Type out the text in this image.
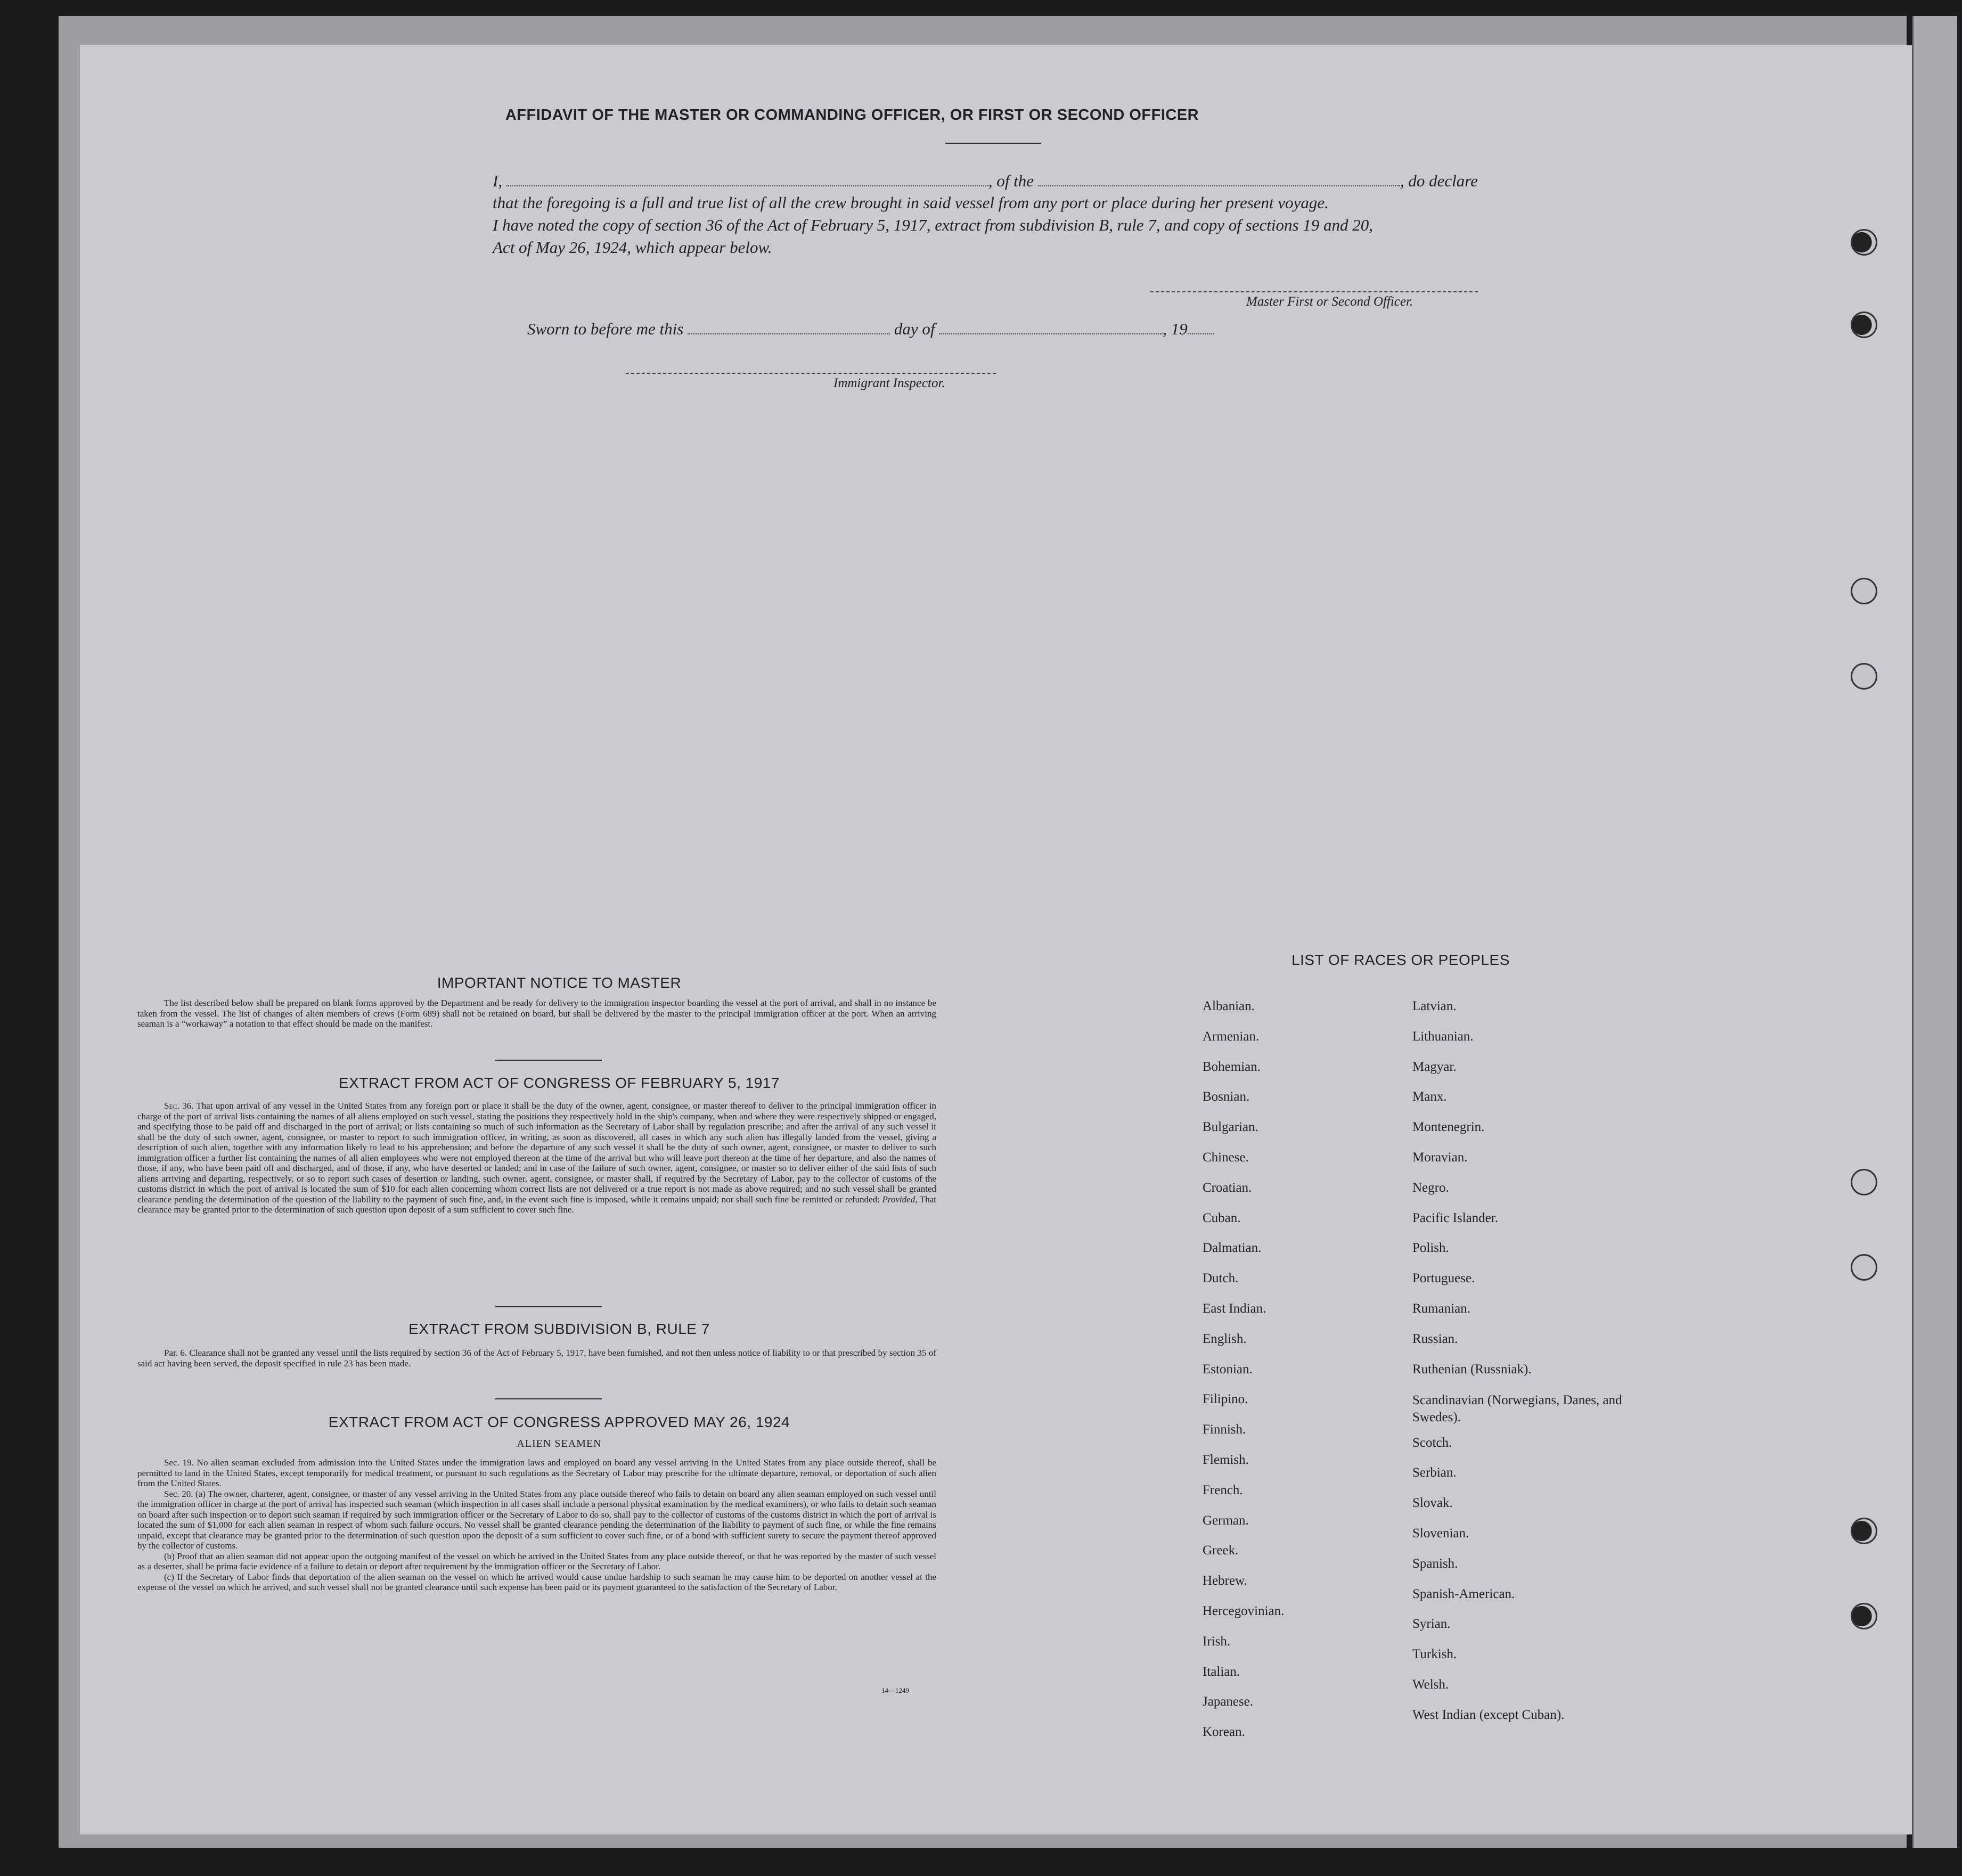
AFFIDAVIT OF THE MASTER OR COMMANDING OFFICER, OR FIRST OR SECOND OFFICER
I,	, of the	, do declare
that the foregoing is a full and true list of all the crew brought in said vessel from any port or place during her present voyage.
I have noted the copy of section 36 of the Act of February 5, 1917, extract from subdivision B, rule 7, and copy of sections 19 and 20,
Act of May 26, 1924, which appear below.
Master First or Second Officer.
Sworn to before me this	day of	, 19
Immigrant Inspector.
IMPORTANT NOTICE TO MASTER

The list described below shall be prepared on blank forms approved by the Department and be ready for delivery to the immigration inspector boarding the vessel at the port of arrival, and shall in no instance be taken from the vessel. The list of changes of alien members of crews (Form 689) shall not be retained on board, but shall be delivered by the master to the principal immigration officer at the port. When an arriving seaman is a “workaway” a notation to that effect should be made on the manifest.

EXTRACT FROM ACT OF CONGRESS OF FEBRUARY 5, 1917

Sec. 36. That upon arrival of any vessel in the United States from any foreign port or place it shall be the duty of the owner, agent, consignee, or master thereof to deliver to the principal immigration officer in charge of the port of arrival lists containing the names of all aliens employed on such vessel, stating the positions they respectively hold in the ship's company, when and where they were respectively shipped or engaged, and specifying those to be paid off and discharged in the port of arrival; or lists containing so much of such information as the Secretary of Labor shall by regulation prescribe; and after the arrival of any such vessel it shall be the duty of such owner, agent, consignee, or master to report to such immigration officer, in writing, as soon as discovered, all cases in which any such alien has illegally landed from the vessel, giving a description of such alien, together with any information likely to lead to his apprehension; and before the departure of any such vessel it shall be the duty of such owner, agent, consignee, or master to deliver to such immigration officer a further list containing the names of all alien employees who were not employed thereon at the time of the arrival but who will leave port thereon at the time of her departure, and also the names of those, if any, who have been paid off and discharged, and of those, if any, who have deserted or landed; and in case of the failure of such owner, agent, consignee, or master so to deliver either of the said lists of such aliens arriving and departing, respectively, or so to report such cases of desertion or landing, such owner, agent, consignee, or master shall, if required by the Secretary of Labor, pay to the collector of customs of the customs district in which the port of arrival is located the sum of $10 for each alien concerning whom correct lists are not delivered or a true report is not made as above required; and no such vessel shall be granted clearance pending the determination of the question of the liability to the payment of such fine, and, in the event such fine is imposed, while it remains unpaid; nor shall such fine be remitted or refunded: Provided, That clearance may be granted prior to the determination of such question upon deposit of a sum sufficient to cover such fine.

EXTRACT FROM SUBDIVISION B, RULE 7

Par. 6. Clearance shall not be granted any vessel until the lists required by section 36 of the Act of February 5, 1917, have been furnished, and not then unless notice of liability to or that prescribed by section 35 of said act having been served, the deposit specified in rule 23 has been made.

EXTRACT FROM ACT OF CONGRESS APPROVED MAY 26, 1924
ALIEN SEAMEN

Sec. 19. No alien seaman excluded from admission into the United States under the immigration laws and employed on board any vessel arriving in the United States from any place outside thereof, shall be permitted to land in the United States, except temporarily for medical treatment, or pursuant to such regulations as the Secretary of Labor may prescribe for the ultimate departure, removal, or deportation of such alien from the United States.

Sec. 20. (a) The owner, charterer, agent, consignee, or master of any vessel arriving in the United States from any place outside thereof who fails to detain on board any alien seaman employed on such vessel until the immigration officer in charge at the port of arrival has inspected such seaman (which inspection in all cases shall include a personal physical examination by the medical examiners), or who fails to detain such seaman on board after such inspection or to deport such seaman if required by such immigration officer or the Secretary of Labor to do so, shall pay to the collector of customs of the customs district in which the port of arrival is located the sum of $1,000 for each alien seaman in respect of whom such failure occurs. No vessel shall be granted clearance pending the determination of the liability to payment of such fine, or while the fine remains unpaid, except that clearance may be granted prior to the determination of such question upon the deposit of a sum sufficient to cover such fine, or of a bond with sufficient surety to secure the payment thereof approved by the collector of customs.

(b) Proof that an alien seaman did not appear upon the outgoing manifest of the vessel on which he arrived in the United States from any place outside thereof, or that he was reported by the master of such vessel as a deserter, shall be prima facie evidence of a failure to detain or deport after requirement by the immigration officer or the Secretary of Labor.

(c) If the Secretary of Labor finds that deportation of the alien seaman on the vessel on which he arrived would cause undue hardship to such seaman he may cause him to be deported on another vessel at the expense of the vessel on which he arrived, and such vessel shall not be granted clearance until such expense has been paid or its payment guaranteed to the satisfaction of the Secretary of Labor.

14—1249
LIST OF RACES OR PEOPLES
Albanian.
Armenian.
Bohemian.
Bosnian.
Bulgarian.
Chinese.
Croatian.
Cuban.
Dalmatian.
Dutch.
East Indian.
English.
Estonian.
Filipino.
Finnish.
Flemish.
French.
German.
Greek.
Hebrew.
Hercegovinian.
Irish.
Italian.
Japanese.
Korean.
Latvian.
Lithuanian.
Magyar.
Manx.
Montenegrin.
Moravian.
Negro.
Pacific Islander.
Polish.
Portuguese.
Rumanian.
Russian.
Ruthenian (Russniak).
Scandinavian (Norwegians, Danes, and Swedes).
Scotch.
Serbian.
Slovak.
Slovenian.
Spanish.
Spanish-American.
Syrian.
Turkish.
Welsh.
West Indian (except Cuban).
